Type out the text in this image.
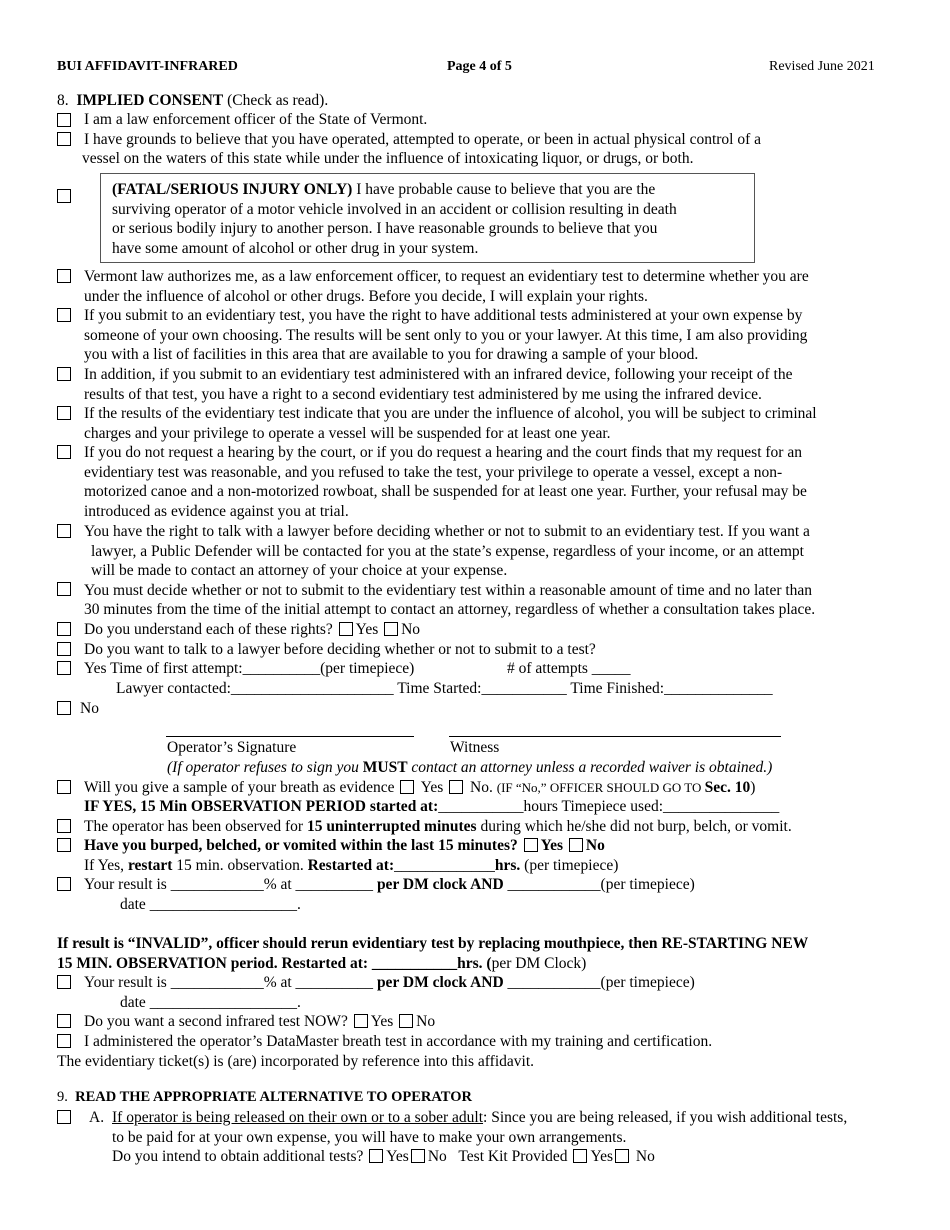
BUI AFFIDAVIT-INFRARED	Page 4 of 5	Revised June 2021
8. IMPLIED CONSENT (Check as read).
I am a law enforcement officer of the State of Vermont.
I have grounds to believe that you have operated, attempted to operate, or been in actual physical control of a
vessel on the waters of this state while under the influence of intoxicating liquor, or drugs, or both.
(FATAL/SERIOUS INJURY ONLY) I have probable cause to believe that you are the
surviving operator of a motor vehicle involved in an accident or collision resulting in death
or serious bodily injury to another person. I have reasonable grounds to believe that you
have some amount of alcohol or other drug in your system.
Vermont law authorizes me, as a law enforcement officer, to request an evidentiary test to determine whether you are
under the influence of alcohol or other drugs. Before you decide, I will explain your rights.
If you submit to an evidentiary test, you have the right to have additional tests administered at your own expense by
someone of your own choosing. The results will be sent only to you or your lawyer. At this time, I am also providing
you with a list of facilities in this area that are available to you for drawing a sample of your blood.
In addition, if you submit to an evidentiary test administered with an infrared device, following your receipt of the
results of that test, you have a right to a second evidentiary test administered by me using the infrared device.
If the results of the evidentiary test indicate that you are under the influence of alcohol, you will be subject to criminal
charges and your privilege to operate a vessel will be suspended for at least one year.
If you do not request a hearing by the court, or if you do request a hearing and the court finds that my request for an
evidentiary test was reasonable, and you refused to take the test, your privilege to operate a vessel, except a non-
motorized canoe and a non-motorized rowboat, shall be suspended for at least one year. Further, your refusal may be
introduced as evidence against you at trial.
You have the right to talk with a lawyer before deciding whether or not to submit to an evidentiary test. If you want a
lawyer, a Public Defender will be contacted for you at the state’s expense, regardless of your income, or an attempt
will be made to contact an attorney of your choice at your expense.
You must decide whether or not to submit to the evidentiary test within a reasonable amount of time and no later than
30 minutes from the time of the initial attempt to contact an attorney, regardless of whether a consultation takes place.
Do you understand each of these rights? Yes No
Do you want to talk to a lawyer before deciding whether or not to submit to a test?
Yes Time of first attempt:__________(per timepiece)	# of attempts _____
Lawyer contacted:_____________________ Time Started:___________ Time Finished:______________
No
Operator’s Signature	Witness
(If operator refuses to sign you MUST contact an attorney unless a recorded waiver is obtained.)
Will you give a sample of your breath as evidence  Yes  No. (IF “No,” OFFICER SHOULD GO TO Sec. 10)
IF YES, 15 Min OBSERVATION PERIOD started at:___________hours Timepiece used:_______________
The operator has been observed for 15 uninterrupted minutes during which he/she did not burp, belch, or vomit.
Have you burped, belched, or vomited within the last 15 minutes? Yes No
If Yes, restart 15 min. observation. Restarted at:_____________hrs. (per timepiece)
Your result is ____________% at __________ per DM clock AND ____________(per timepiece)
date ___________________.
If result is “INVALID”, officer should rerun evidentiary test by replacing mouthpiece, then RE-STARTING NEW
15 MIN. OBSERVATION period. Restarted at: ___________hrs. (per DM Clock)
Your result is ____________% at __________ per DM clock AND ____________(per timepiece)
date ___________________.
Do you want a second infrared test NOW? Yes No
I administered the operator’s DataMaster breath test in accordance with my training and certification.
The evidentiary ticket(s) is (are) incorporated by reference into this affidavit.
9. READ THE APPROPRIATE ALTERNATIVE TO OPERATOR
A. If operator is being released on their own or to a sober adult: Since you are being released, if you wish additional tests,
to be paid for at your own expense, you will have to make your own arrangements.
Do you intend to obtain additional tests? Yes No Test Kit Provided Yes No
